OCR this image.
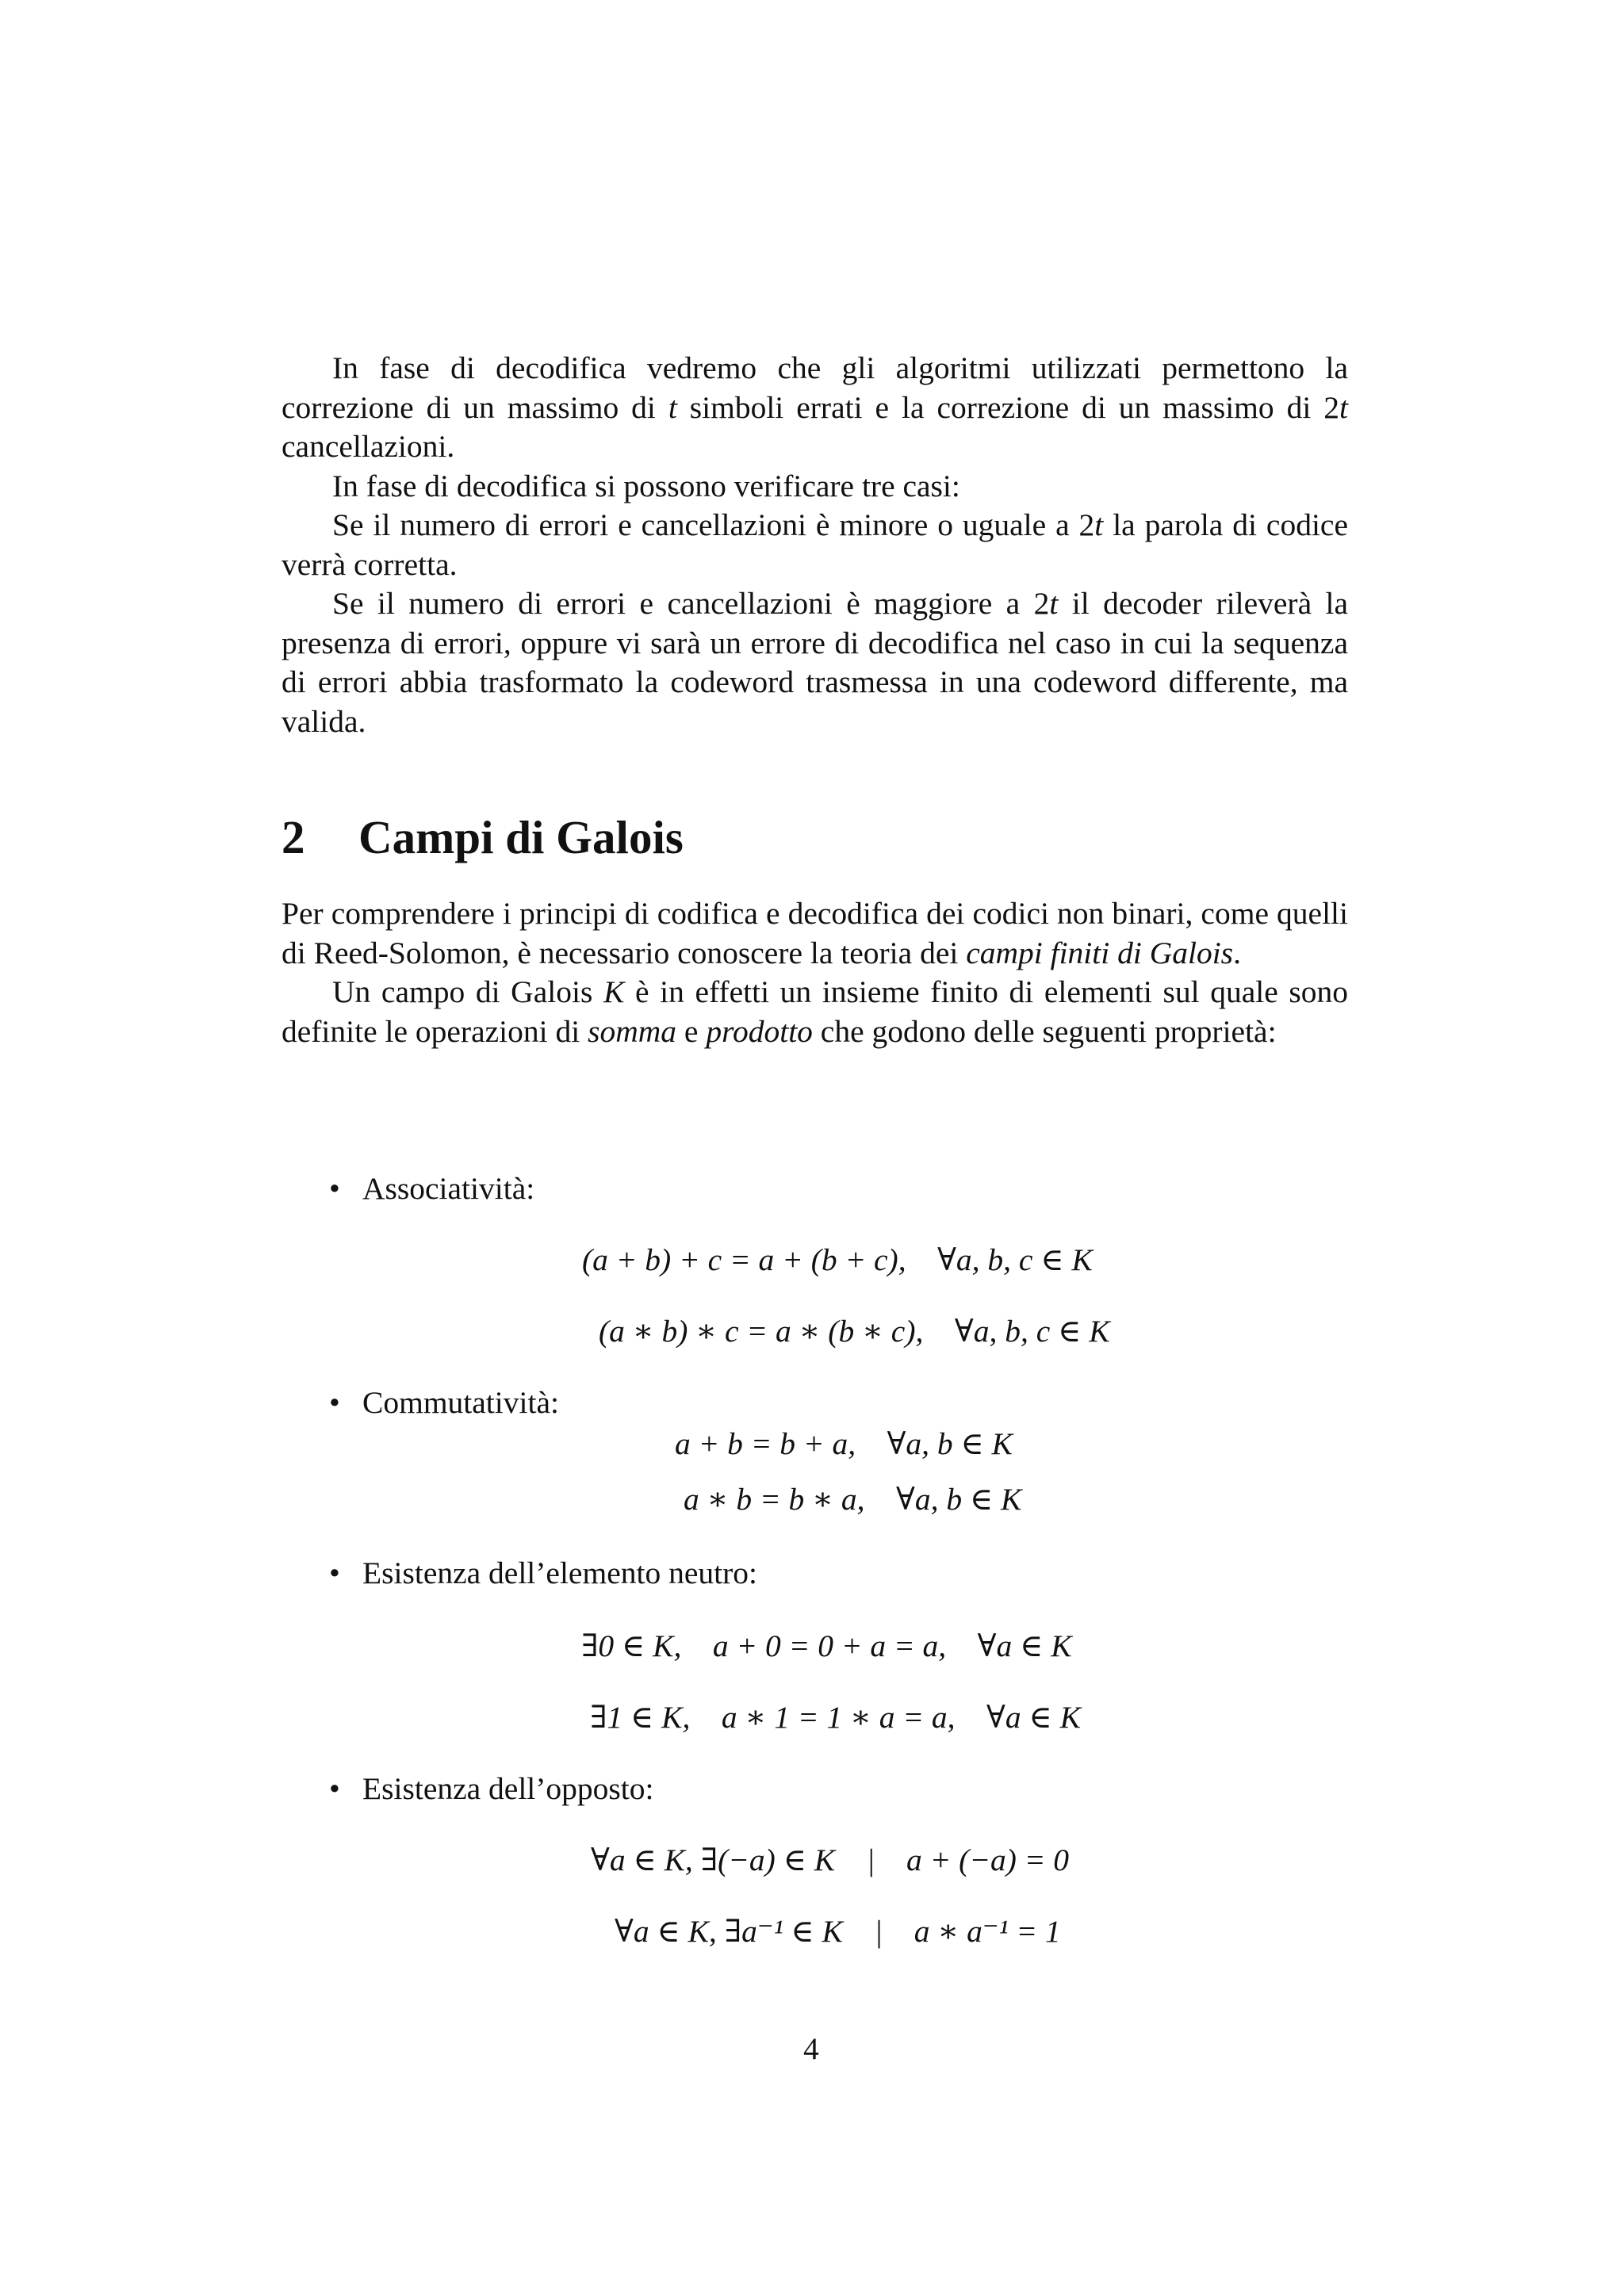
In fase di decodifica vedremo che gli algoritmi utilizzati permettono la correzione di un massimo di t simboli errati e la correzione di un massimo di 2t cancellazioni.

In fase di decodifica si possono verificare tre casi:

Se il numero di errori e cancellazioni è minore o uguale a 2t la parola di codice verrà corretta.

Se il numero di errori e cancellazioni è maggiore a 2t il decoder rileverà la presenza di errori, oppure vi sarà un errore di decodifica nel caso in cui la sequenza di errori abbia trasformato la codeword trasmessa in una codeword differente, ma valida.

2 Campi di Galois

Per comprendere i principi di codifica e decodifica dei codici non binari, come quelli di Reed-Solomon, è necessario conoscere la teoria dei campi finiti di Galois.

Un campo di Galois K è in effetti un insieme finito di elementi sul quale sono definite le operazioni di somma e prodotto che godono delle seguenti proprietà:

• Associatività:
(a + b) + c = a + (b + c),    ∀a, b, c ∈ K
(a ∗ b) ∗ c = a ∗ (b ∗ c),    ∀a, b, c ∈ K
• Commutatività:
a + b = b + a,    ∀a, b ∈ K
a ∗ b = b ∗ a,    ∀a, b ∈ K
• Esistenza dell’elemento neutro:
∃0 ∈ K,    a + 0 = 0 + a = a,    ∀a ∈ K
∃1 ∈ K,    a ∗ 1 = 1 ∗ a = a,    ∀a ∈ K
• Esistenza dell’opposto:
∀a ∈ K, ∃(−a) ∈ K    |    a + (−a) = 0
∀a ∈ K, ∃a⁻¹ ∈ K    |    a ∗ a⁻¹ = 1
4
